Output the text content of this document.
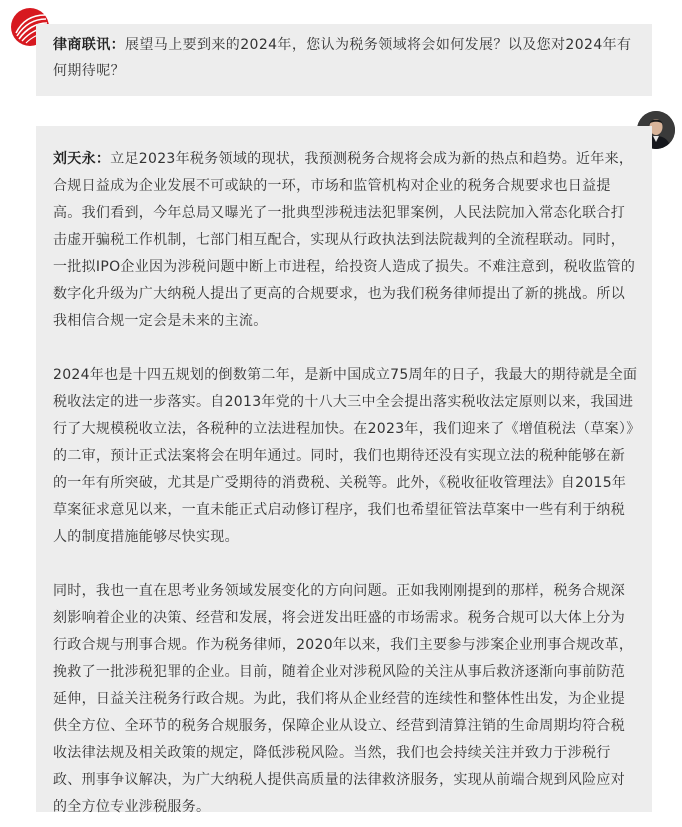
律商联讯：展望马上要到来的2024年，您认为税务领域将会如何发展？以及您对2024年有何期待呢？

刘天永：立足2023年税务领域的现状，我预测税务合规将会成为新的热点和趋势。近年来，合规日益成为企业发展不可或缺的一环，市场和监管机构对企业的税务合规要求也日益提高。我们看到，今年总局又曝光了一批典型涉税违法犯罪案例，人民法院加入常态化联合打击虚开骗税工作机制，七部门相互配合，实现从行政执法到法院裁判的全流程联动。同时，一批拟IPO企业因为涉税问题中断上市进程，给投资人造成了损失。不难注意到，税收监管的数字化升级为广大纳税人提出了更高的合规要求，也为我们税务律师提出了新的挑战。所以我相信合规一定会是未来的主流。

2024年也是十四五规划的倒数第二年，是新中国成立75周年的日子，我最大的期待就是全面税收法定的进一步落实。自2013年党的十八大三中全会提出落实税收法定原则以来，我国进行了大规模税收立法，各税种的立法进程加快。在2023年，我们迎来了《增值税法（草案）》的二审，预计正式法案将会在明年通过。同时，我们也期待还没有实现立法的税种能够在新的一年有所突破，尤其是广受期待的消费税、关税等。此外，《税收征收管理法》自2015年草案征求意见以来，一直未能正式启动修订程序，我们也希望征管法草案中一些有利于纳税人的制度措施能够尽快实现。

同时，我也一直在思考业务领域发展变化的方向问题。正如我刚刚提到的那样，税务合规深刻影响着企业的决策、经营和发展，将会迸发出旺盛的市场需求。税务合规可以大体上分为行政合规与刑事合规。作为税务律师，2020年以来，我们主要参与涉案企业刑事合规改革，挽救了一批涉税犯罪的企业。目前，随着企业对涉税风险的关注从事后救济逐渐向事前防范延伸，日益关注税务行政合规。为此，我们将从企业经营的连续性和整体性出发，为企业提供全方位、全环节的税务合规服务，保障企业从设立、经营到清算注销的生命周期均符合税收法律法规及相关政策的规定，降低涉税风险。当然，我们也会持续关注并致力于涉税行政、刑事争议解决，为广大纳税人提供高质量的法律救济服务，实现从前端合规到风险应对的全方位专业涉税服务。
